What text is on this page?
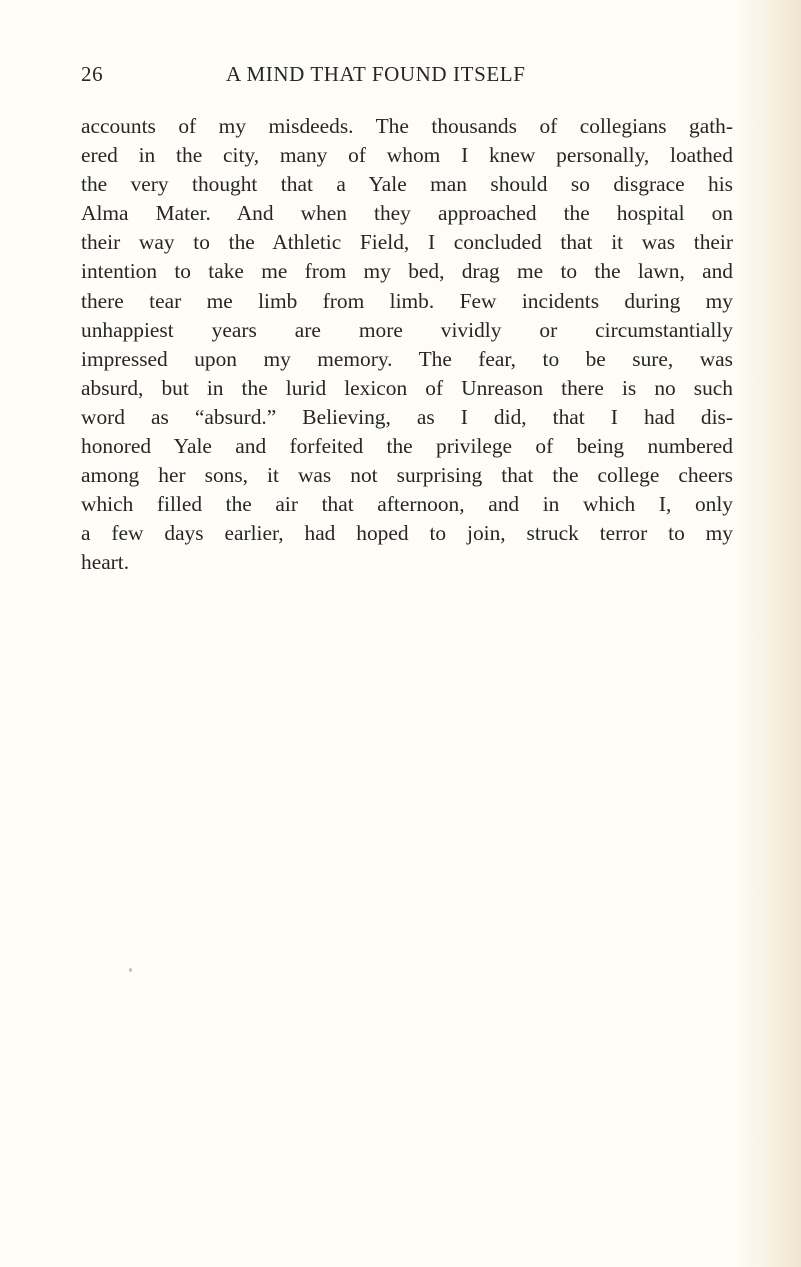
26	A MIND THAT FOUND ITSELF
accounts of my misdeeds. The thousands of collegians gath-
ered in the city, many of whom I knew personally, loathed
the very thought that a Yale man should so disgrace his
Alma Mater. And when they approached the hospital on
their way to the Athletic Field, I concluded that it was their
intention to take me from my bed, drag me to the lawn, and
there tear me limb from limb. Few incidents during my
unhappiest years are more vividly or circumstantially
impressed upon my memory. The fear, to be sure, was
absurd, but in the lurid lexicon of Unreason there is no such
word as “absurd.” Believing, as I did, that I had dis-
honored Yale and forfeited the privilege of being numbered
among her sons, it was not surprising that the college cheers
which filled the air that afternoon, and in which I, only
a few days earlier, had hoped to join, struck terror to my
heart.
